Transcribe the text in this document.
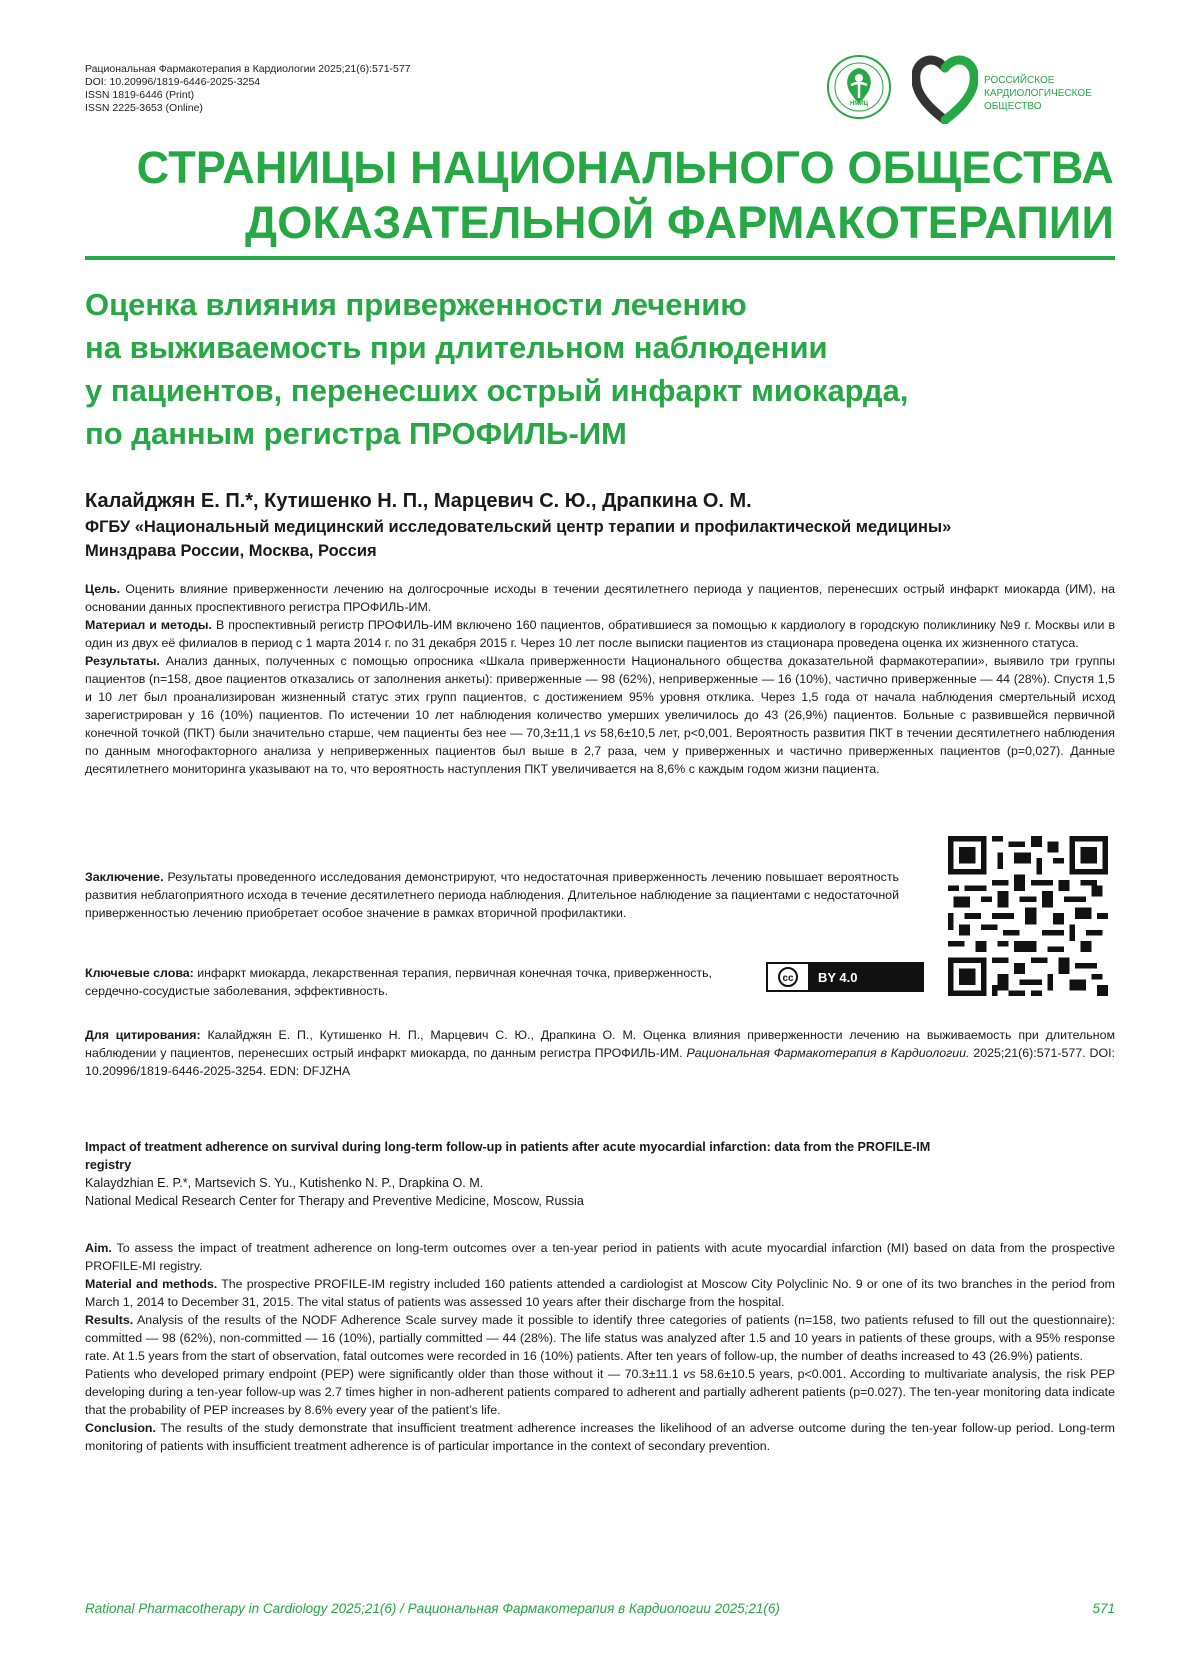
Рациональная Фармакотерапия в Кардиологии 2025;21(6):571-577
DOI: 10.20996/1819-6446-2025-3254
ISSN 1819-6446 (Print)
ISSN 2225-3653 (Online)	НМИЦ
РОССИЙСКОЕ
КАРДИОЛОГИЧЕСКОЕ
ОБЩЕСТВО
СТРАНИЦЫ НАЦИОНАЛЬНОГО ОБЩЕСТВА
ДОКАЗАТЕЛЬНОЙ ФАРМАКОТЕРАПИИ
Оценка влияния приверженности лечению
на выживаемость при длительном наблюдении
у пациентов, перенесших острый инфаркт миокарда,
по данным регистра ПРОФИЛЬ-ИМ
Калайджян Е. П.*, Кутишенко Н. П., Марцевич С. Ю., Драпкина О. М.
ФГБУ «Национальный медицинский исследовательский центр терапии и профилактической медицины»
Минздрава России, Москва, Россия

Цель. Оценить влияние приверженности лечению на долгосрочные исходы в течении десятилетнего периода у пациентов, перенесших острый инфаркт миокарда (ИМ), на основании данных проспективного регистра ПРОФИЛЬ-ИМ.

Материал и методы. В проспективный регистр ПРОФИЛЬ-ИМ включено 160 пациентов, обратившиеся за помощью к кардиологу в городскую поликлинику №9 г. Москвы или в один из двух её филиалов в период с 1 марта 2014 г. по 31 декабря 2015 г. Через 10 лет после выписки пациентов из стационара проведена оценка их жизненного статуса.

Результаты. Анализ данных, полученных с помощью опросника «Шкала приверженности Национального общества доказательной фармакотерапии», выявило три группы пациентов (n=158, двое пациентов отказались от заполнения анкеты): приверженные — 98 (62%), неприверженные — 16 (10%), частично приверженные — 44 (28%). Спустя 1,5 и 10 лет был проанализирован жизненный статус этих групп пациентов, с достижением 95% уровня отклика. Через 1,5 года от начала наблюдения смертельный исход зарегистрирован у 16 (10%) пациентов. По истечении 10 лет наблюдения количество умерших увеличилось до 43 (26,9%) пациентов. Больные с развившейся первичной конечной точкой (ПКТ) были значительно старше, чем пациенты без нее — 70,3±11,1 vs 58,6±10,5 лет, p<0,001. Вероятность развития ПКТ в течении десятилетнего наблюдения по данным многофакторного анализа у неприверженных пациентов был выше в 2,7 раза, чем у приверженных и частично приверженных пациентов (p=0,027). Данные десятилетнего мониторинга указывают на то, что вероятность наступления ПКТ увеличивается на 8,6% с каждым годом жизни пациента.

Заключение. Результаты проведенного исследования демонстрируют, что недостаточная приверженность лечению повышает вероятность развития неблагоприятного исхода в течение десятилетнего периода наблюдения. Длительное наблюдение за пациентами с недостаточной приверженностью лечению приобретает особое значение в рамках вторичной профилактики.

cc	BY 4.0
Ключевые слова: инфаркт миокарда, лекарственная терапия, первичная конечная точка, приверженность, сердечно-сосудистые заболевания, эффективность.
Для цитирования: Калайджян Е. П., Кутишенко Н. П., Марцевич С. Ю., Драпкина О. М. Оценка влияния приверженности лечению на выживаемость при длительном наблюдении у пациентов, перенесших острый инфаркт миокарда, по данным регистра ПРОФИЛЬ-ИМ. Рациональная Фармакотерапия в Кардиологии. 2025;21(6):571-577. DOI: 10.20996/1819-6446-2025-3254. EDN: DFJZHA
Impact of treatment adherence on survival during long-term follow-up in patients after acute myocardial infarction: data from the PROFILE-IM registry
Kalaydzhian E. P.*, Martsevich S. Yu., Kutishenko N. P., Drapkina O. M.
National Medical Research Center for Therapy and Preventive Medicine, Moscow, Russia

Aim. To assess the impact of treatment adherence on long-term outcomes over a ten-year period in patients with acute myocardial infarction (MI) based on data from the prospective PROFILE-MI registry.

Material and methods. The prospective PROFILE-IM registry included 160 patients attended a cardiologist at Moscow City Polyclinic No. 9 or one of its two branches in the period from March 1, 2014 to December 31, 2015. The vital status of patients was assessed 10 years after their discharge from the hospital.

Results. Analysis of the results of the NODF Adherence Scale survey made it possible to identify three categories of patients (n=158, two patients refused to fill out the questionnaire): committed — 98 (62%), non-committed — 16 (10%), partially committed — 44 (28%). The life status was analyzed after 1.5 and 10 years in patients of these groups, with a 95% response rate. At 1.5 years from the start of observation, fatal outcomes were recorded in 16 (10%) patients. After ten years of follow-up, the number of deaths increased to 43 (26.9%) patients.

Patients who developed primary endpoint (PEP) were significantly older than those without it — 70.3±11.1 vs 58.6±10.5 years, p<0.001. According to multivariate analysis, the risk PEP developing during a ten-year follow-up was 2.7 times higher in non-adherent patients compared to adherent and partially adherent patients (p=0.027). The ten-year monitoring data indicate that the probability of PEP increases by 8.6% every year of the patient’s life.

Conclusion. The results of the study demonstrate that insufficient treatment adherence increases the likelihood of an adverse outcome during the ten-year follow-up period. Long-term monitoring of patients with insufficient treatment adherence is of particular importance in the context of secondary prevention.

Rational Pharmacotherapy in Cardiology 2025;21(6) / Рациональная Фармакотерапия в Кардиологии 2025;21(6)	571
